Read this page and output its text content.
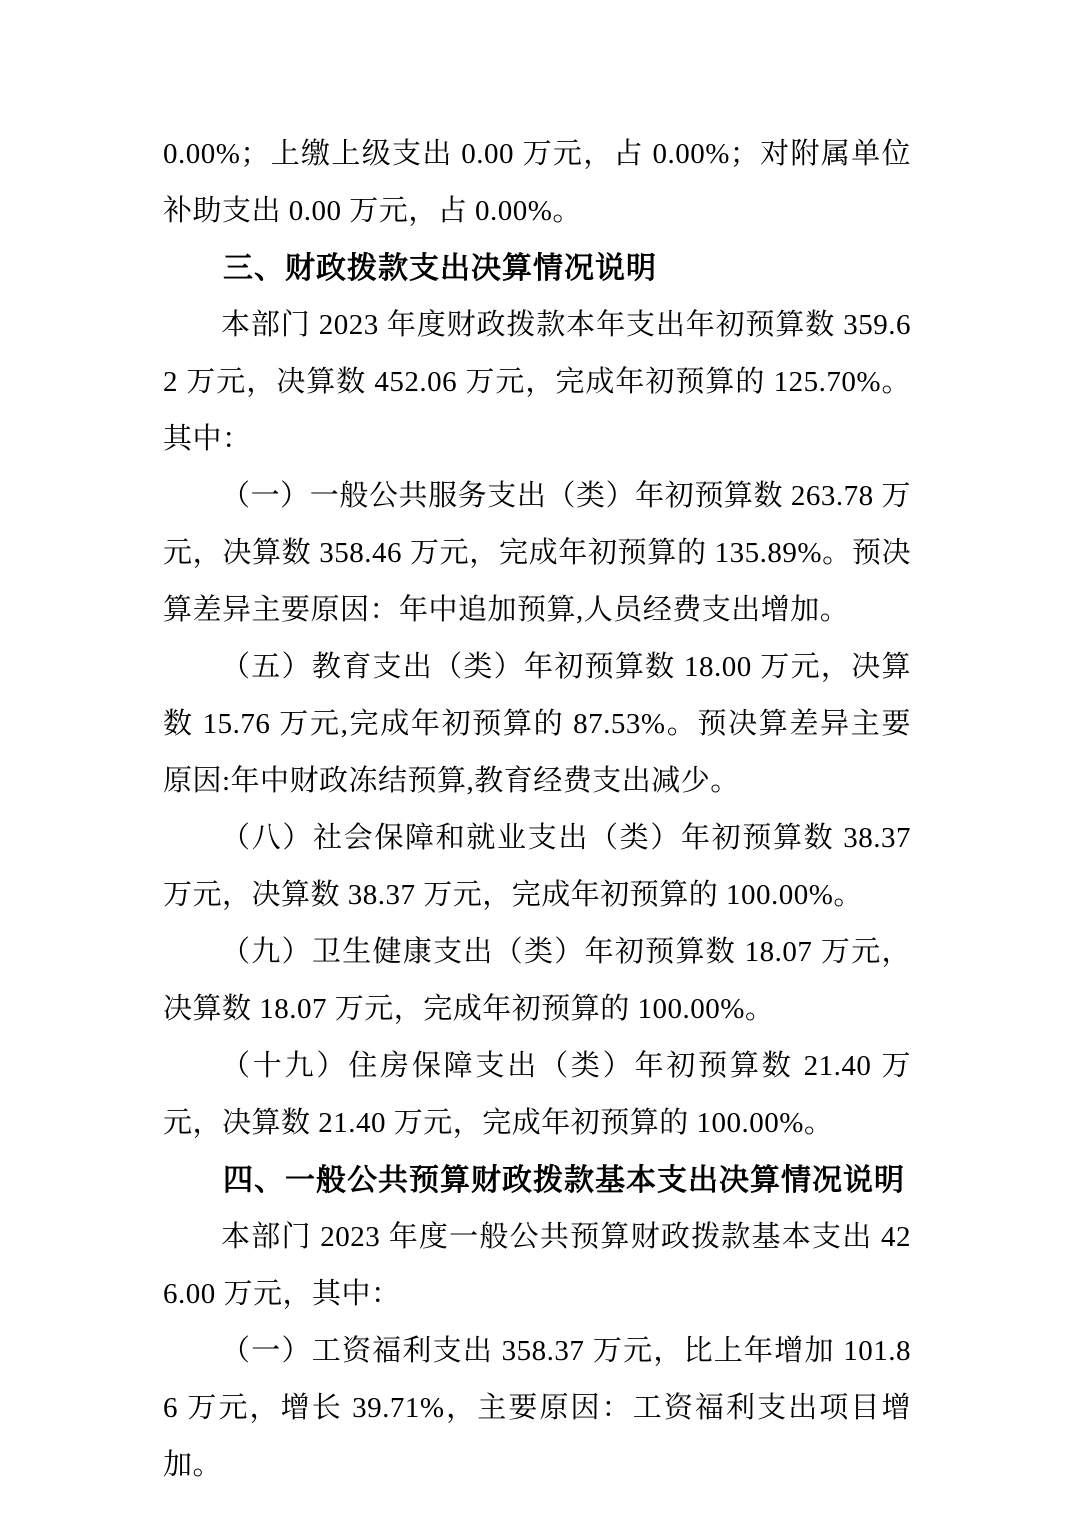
0.00%；上缴上级支出 0.00 万元，占 0.00%；对附属单位补助支出 0.00 万元，占 0.00%。

三、财政拨款支出决算情况说明

本部门 2023 年度财政拨款本年支出年初预算数 359.62 万元，决算数 452.06 万元，完成年初预算的 125.70%。其中：

（一）一般公共服务支出（类）年初预算数 263.78 万元，决算数 358.46 万元，完成年初预算的 135.89%。预决算差异主要原因：年中追加预算,人员经费支出增加。

（五）教育支出（类）年初预算数 18.00 万元，决算数 15.76 万元,完成年初预算的 87.53%。预决算差异主要原因:年中财政冻结预算,教育经费支出减少。

（八）社会保障和就业支出（类）年初预算数 38.37 万元，决算数 38.37 万元，完成年初预算的 100.00%。

（九）卫生健康支出（类）年初预算数 18.07 万元，决算数 18.07 万元，完成年初预算的 100.00%。

（十九）住房保障支出（类）年初预算数 21.40 万元，决算数 21.40 万元，完成年初预算的 100.00%。

四、一般公共预算财政拨款基本支出决算情况说明

本部门 2023 年度一般公共预算财政拨款基本支出 426.00 万元，其中：

（一）工资福利支出 358.37 万元，比上年增加 101.86 万元，增长 39.71%，主要原因：工资福利支出项目增加。
